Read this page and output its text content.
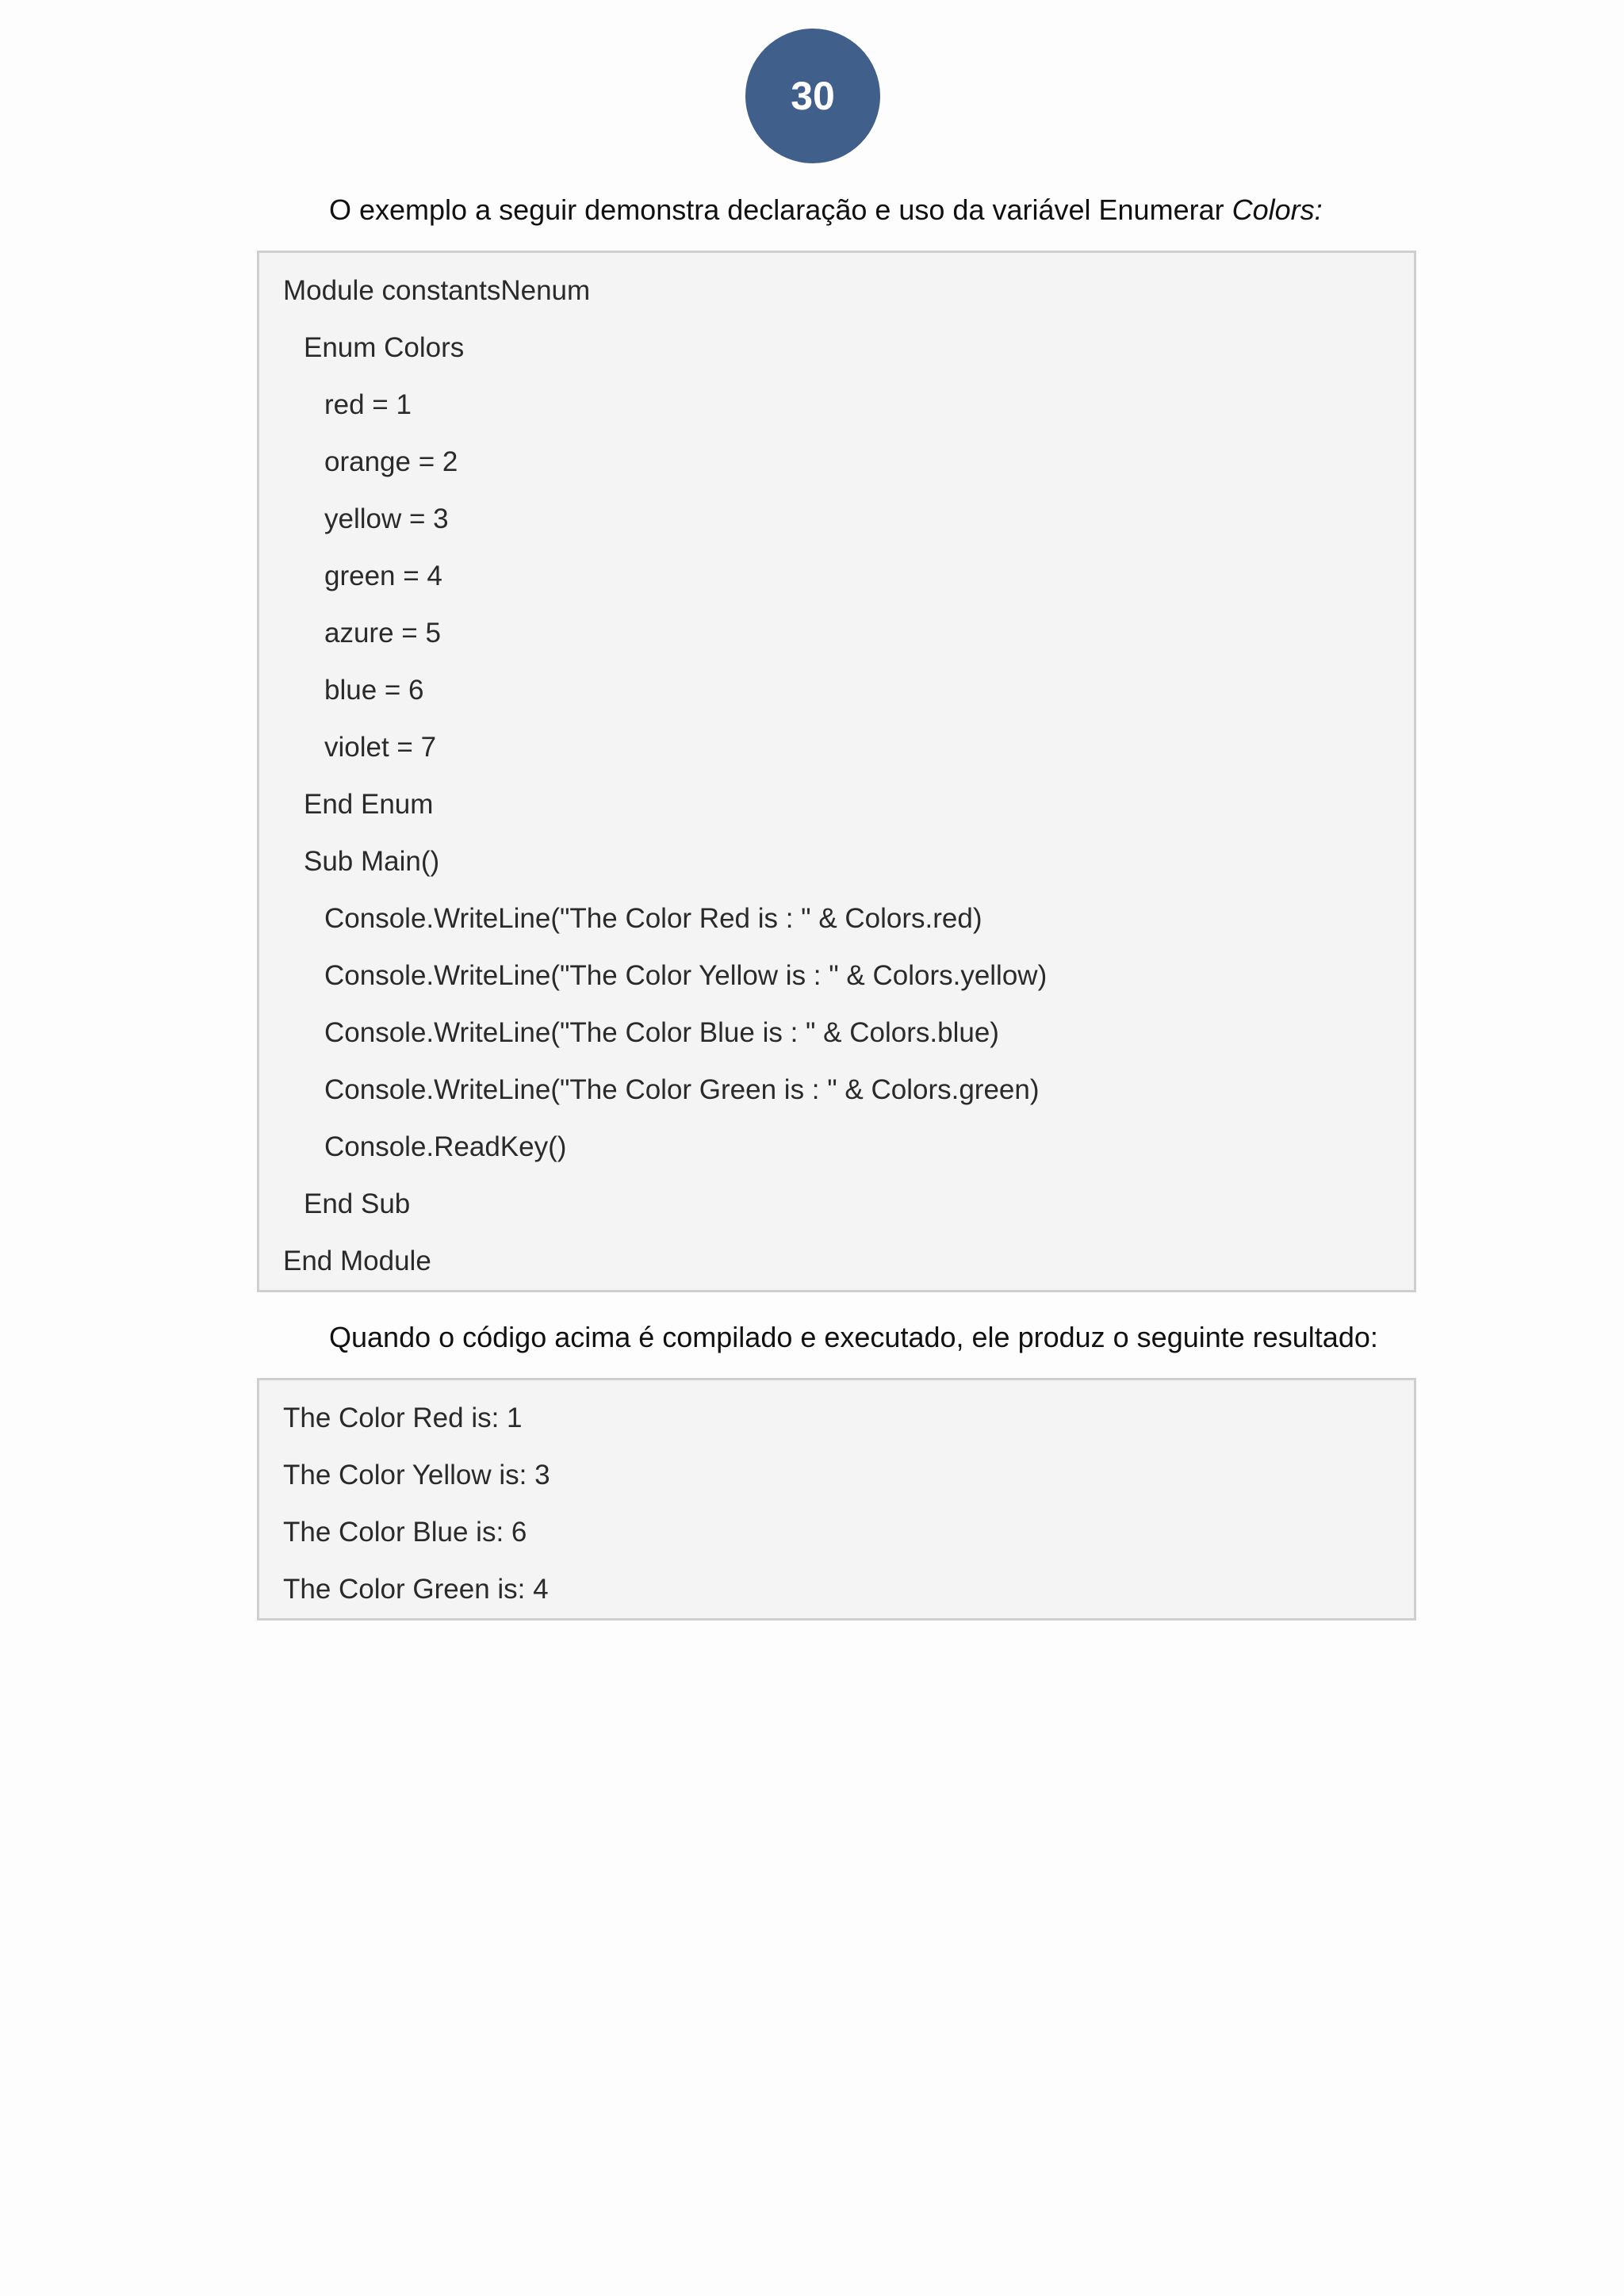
30
O exemplo a seguir demonstra declaração e uso da variável Enumerar Colors:
Module constantsNenum
Enum Colors
red = 1
orange = 2
yellow = 3
green = 4
azure = 5
blue = 6
violet = 7
End Enum
Sub Main()
Console.WriteLine("The Color Red is : " & Colors.red)
Console.WriteLine("The Color Yellow is : " & Colors.yellow)
Console.WriteLine("The Color Blue is : " & Colors.blue)
Console.WriteLine("The Color Green is : " & Colors.green)
Console.ReadKey()
End Sub
End Module
Quando o código acima é compilado e executado, ele produz o seguinte resultado:
The Color Red is: 1
The Color Yellow is: 3
The Color Blue is: 6
The Color Green is: 4
